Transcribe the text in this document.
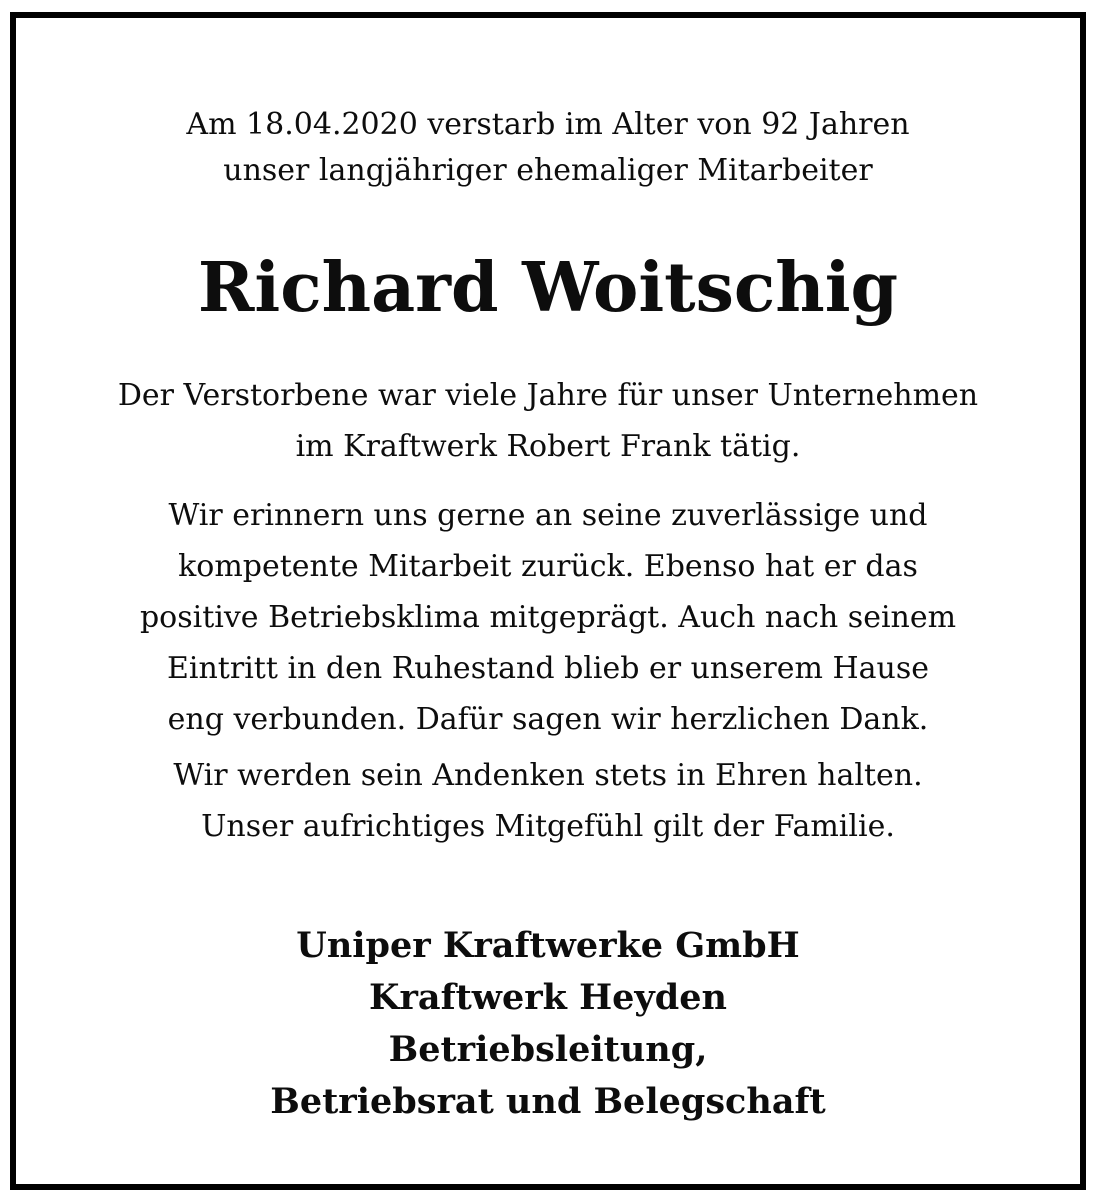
Am 18.04.2020 verstarb im Alter von 92 Jahren
unser langjähriger ehemaliger Mitarbeiter
Richard Woitschig
Der Verstorbene war viele Jahre für unser Unternehmen
im Kraftwerk Robert Frank tätig.
Wir erinnern uns gerne an seine zuverlässige und
kompetente Mitarbeit zurück. Ebenso hat er das
positive Betriebsklima mitgeprägt. Auch nach seinem
Eintritt in den Ruhestand blieb er unserem Hause
eng verbunden. Dafür sagen wir herzlichen Dank.
Wir werden sein Andenken stets in Ehren halten.
Unser aufrichtiges Mitgefühl gilt der Familie.
Uniper Kraftwerke GmbH
Kraftwerk Heyden
Betriebsleitung,
Betriebsrat und Belegschaft
